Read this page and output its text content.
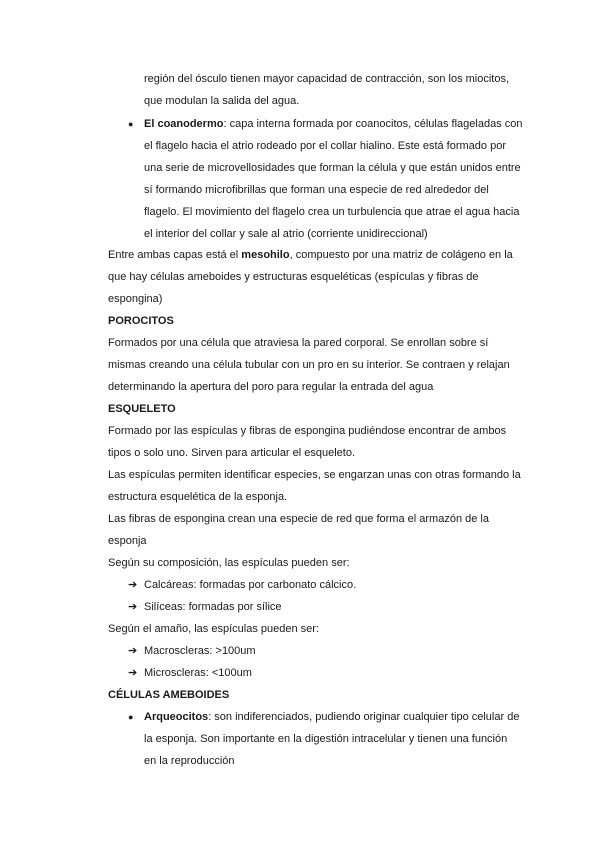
región del ósculo tienen mayor capacidad de contracción, son los miocitos,
que modulan la salida del agua.
● El coanodermo: capa interna formada por coanocitos, células flageladas con
el flagelo hacia el atrio rodeado por el collar hialino. Este está formado por
una serie de microvellosidades que forman la célula y que están unidos entre
sí formando microfibrillas que forman una especie de red alrededor del
flagelo. El movimiento del flagelo crea un turbulencia que atrae el agua hacia
el interior del collar y sale al atrio (corriente unidireccional)
Entre ambas capas está el mesohilo, compuesto por una matriz de colágeno en la
que hay células ameboides y estructuras esqueléticas (espículas y fibras de
espongina)
POROCITOS
Formados por una célula que atraviesa la pared corporal. Se enrollan sobre sí
mismas creando una célula tubular con un pro en su interior. Se contraen y relajan
determinando la apertura del poro para regular la entrada del agua
ESQUELETO
Formado por las espículas y fibras de espongina pudiéndose encontrar de ambos
tipos o solo uno. Sirven para articular el esqueleto.
Las espículas permiten identificar especies, se engarzan unas con otras formando la
estructura esquelética de la esponja.
Las fibras de espongina crean una especie de red que forma el armazón de la
esponja
Según su composición, las espículas pueden ser:
➔ Calcáreas: formadas por carbonato cálcico.
➔ Silíceas: formadas por sílice
Según el amaño, las espículas pueden ser:
➔ Macroscleras: >100um
➔ Microscleras: <100um
CÉLULAS AMEBOIDES
● Arqueocitos: son indiferenciados, pudiendo originar cualquier tipo celular de
la esponja. Son importante en la digestión intracelular y tienen una función
en la reproducción
